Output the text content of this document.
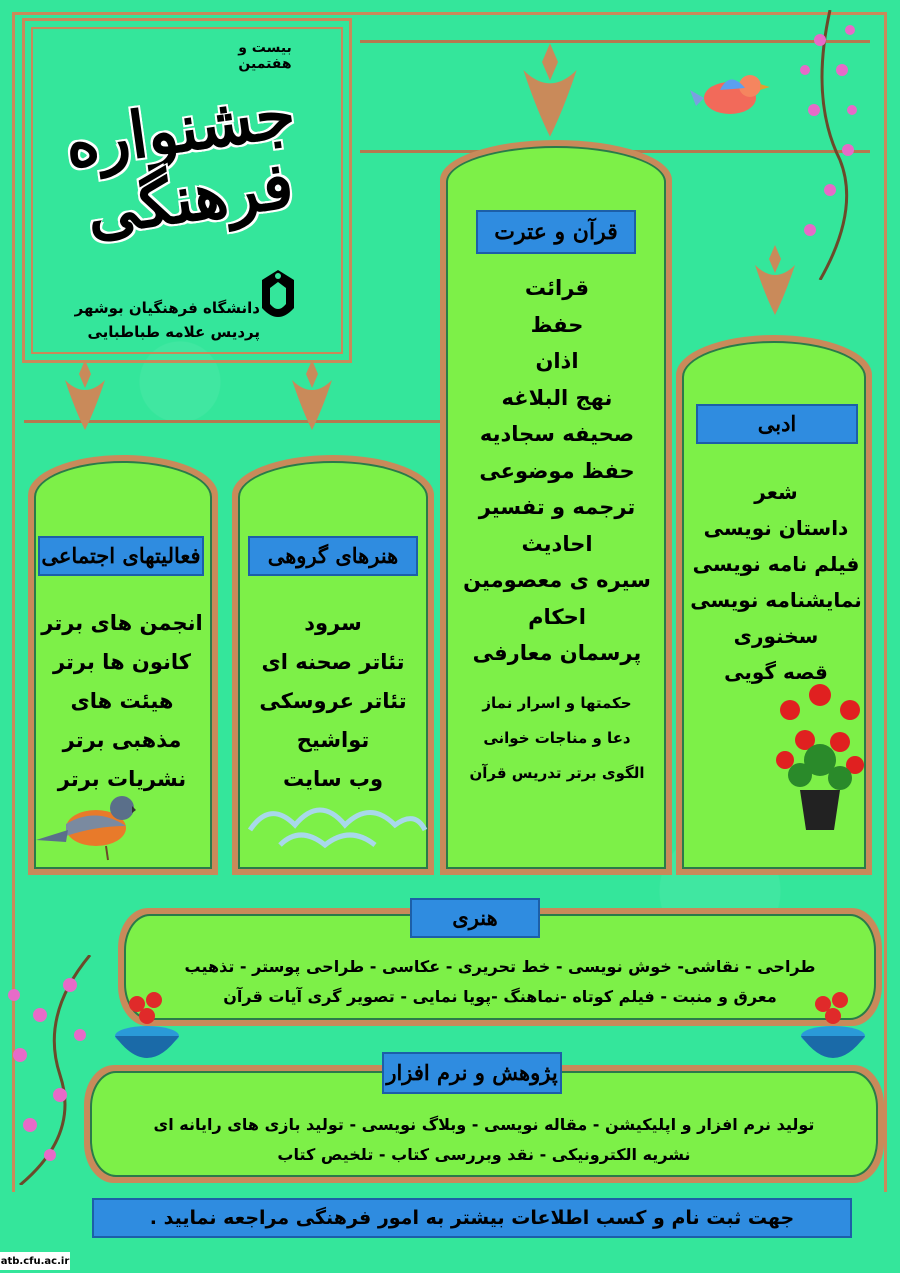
بیست و هفتمین
جشنواره فرهنگی
دانشگاه فرهنگیان بوشهر
پردیس علامه طباطبایی
فعالیتهای اجتماعی
انجمن های برتر
کانون ها برتر
هیئت های
مذهبی برتر
نشریات برتر
هنرهای گروهی
سرود
تئاتر صحنه ای
تئاتر عروسکی
تواشیح
وب سایت
قرآن و عترت
قرائت
حفظ
اذان
نهج البلاغه
صحیفه سجادیه
حفظ موضوعی
ترجمه و تفسیر
احادیث
سیره ی معصومین
احکام
پرسمان معارفی
حکمتها و اسرار نماز
دعا و مناجات خوانی
الگوی برتر تدریس قرآن
ادبی
شعر
داستان نویسی
فیلم نامه نویسی
نمایشنامه نویسی
سخنوری
قصه گویی
هنری
طراحی - نقاشی- خوش نویسی - خط تحریری - عکاسی - طراحی پوستر - تذهیب
معرق و منبت - فیلم کوتاه -نماهنگ -پویا نمایی - تصویر گری آیات قرآن
پژوهش و نرم افزار
تولید نرم افزار و اپلیکیشن - مقاله نویسی - وبلاگ نویسی - تولید بازی های رایانه ای
نشریه الکترونیکی - نقد وبررسی کتاب - تلخیص کتاب
جهت ثبت نام و کسب اطلاعات بیشتر به امور فرهنگی مراجعه نمایید .
atb.cfu.ac.ir
